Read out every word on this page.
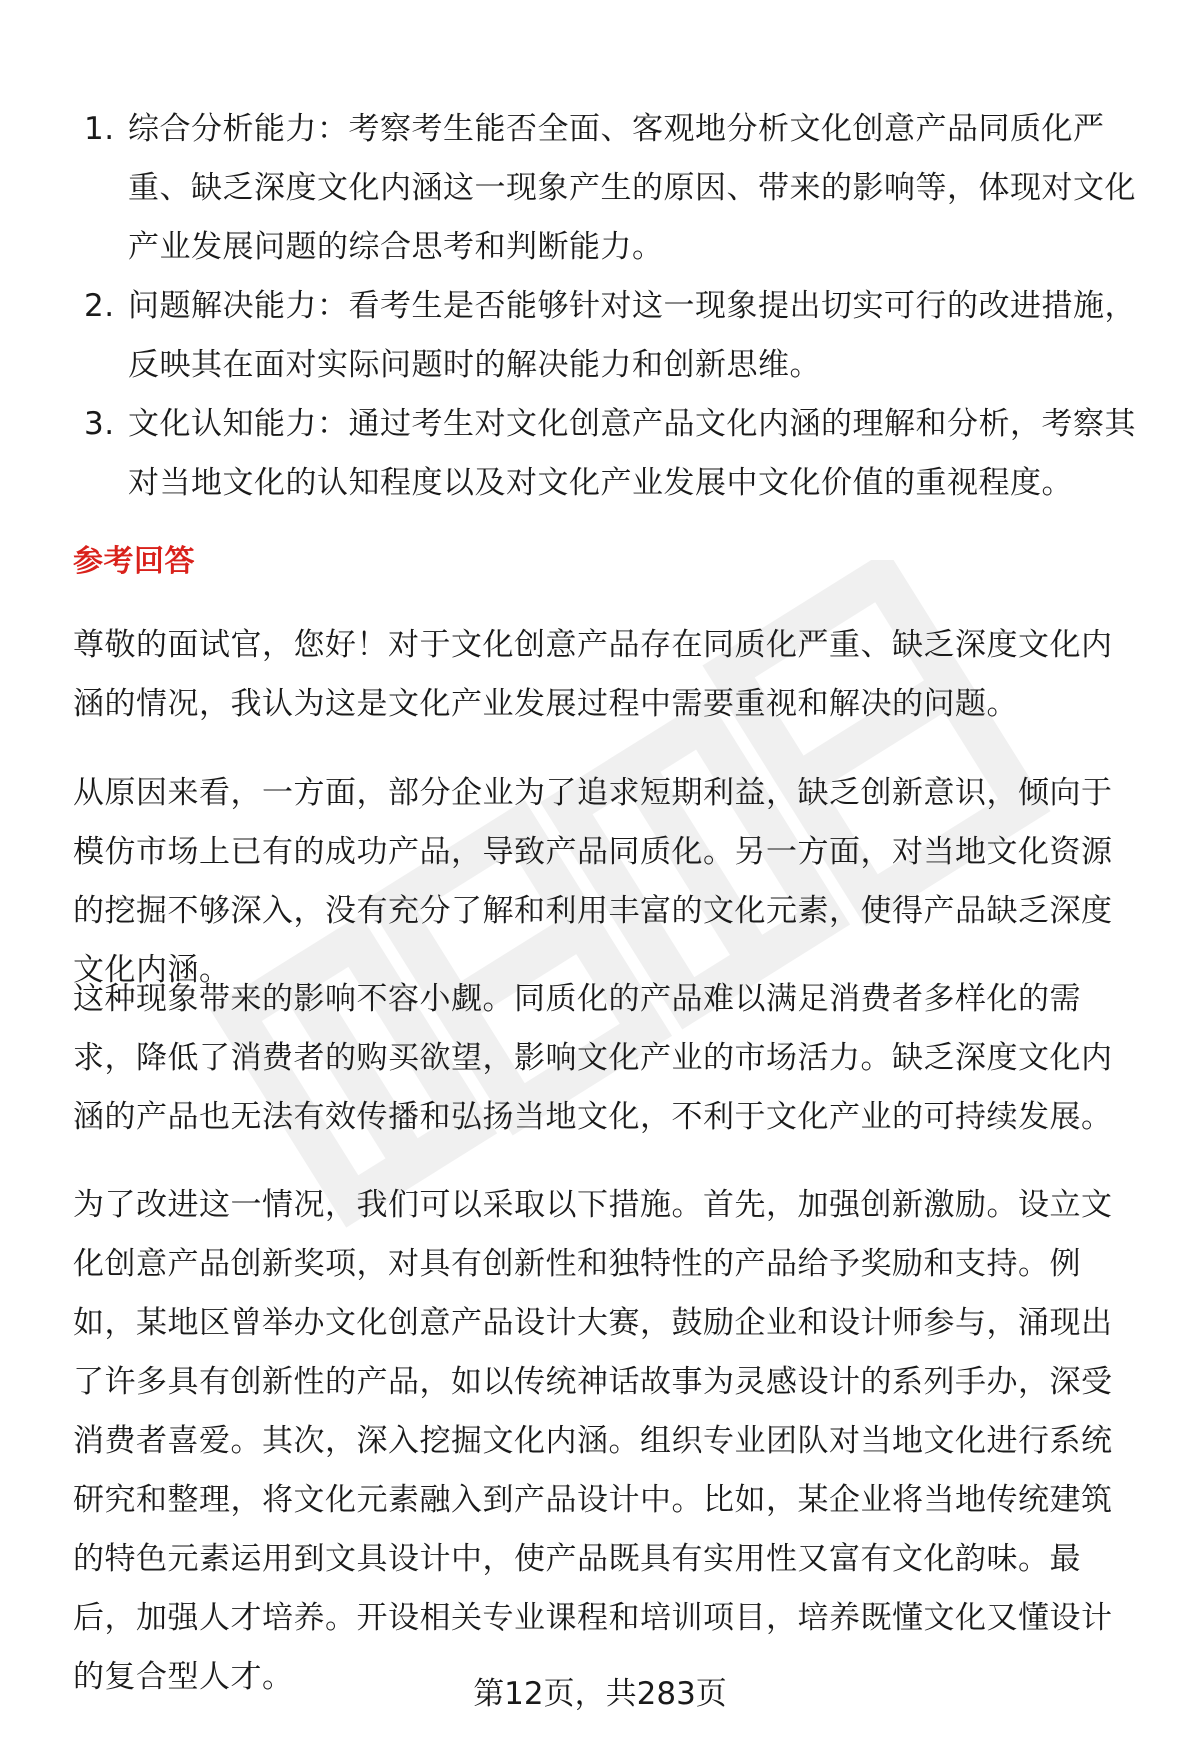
1. 综合分析能力：考察考生能否全面、客观地分析文化创意产品同质化严重、缺乏深度文化内涵这一现象产生的原因、带来的影响等，体现对文化产业发展问题的综合思考和判断能力。
2. 问题解决能力：看考生是否能够针对这一现象提出切实可行的改进措施，反映其在面对实际问题时的解决能力和创新思维。
3. 文化认知能力：通过考生对文化创意产品文化内涵的理解和分析，考察其对当地文化的认知程度以及对文化产业发展中文化价值的重视程度。
参考回答

尊敬的面试官，您好！对于文化创意产品存在同质化严重、缺乏深度文化内涵的情况，我认为这是文化产业发展过程中需要重视和解决的问题。

从原因来看，一方面，部分企业为了追求短期利益，缺乏创新意识，倾向于模仿市场上已有的成功产品，导致产品同质化。另一方面，对当地文化资源的挖掘不够深入，没有充分了解和利用丰富的文化元素，使得产品缺乏深度文化内涵。

这种现象带来的影响不容小觑。同质化的产品难以满足消费者多样化的需求，降低了消费者的购买欲望，影响文化产业的市场活力。缺乏深度文化内涵的产品也无法有效传播和弘扬当地文化，不利于文化产业的可持续发展。

为了改进这一情况，我们可以采取以下措施。首先，加强创新激励。设立文化创意产品创新奖项，对具有创新性和独特性的产品给予奖励和支持。例如，某地区曾举办文化创意产品设计大赛，鼓励企业和设计师参与，涌现出了许多具有创新性的产品，如以传统神话故事为灵感设计的系列手办，深受消费者喜爱。其次，深入挖掘文化内涵。组织专业团队对当地文化进行系统研究和整理，将文化元素融入到产品设计中。比如，某企业将当地传统建筑的特色元素运用到文具设计中，使产品既具有实用性又富有文化韵味。最后，加强人才培养。开设相关专业课程和培训项目，培养既懂文化又懂设计的复合型人才。	第12页，共283页
